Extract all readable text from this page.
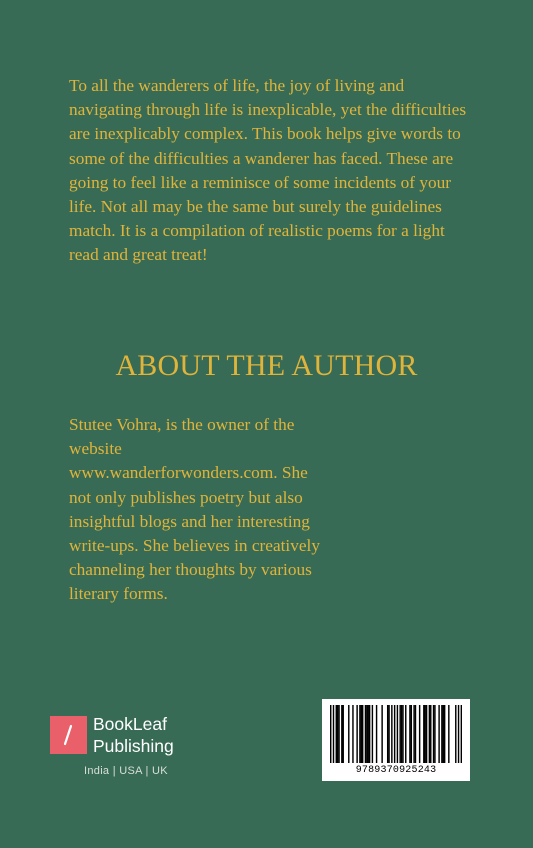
To all the wanderers of life, the joy of living and navigating through life is inexplicable, yet the difficulties are inexplicably complex. This book helps give words to some of the difficulties a wanderer has faced. These are going to feel like a reminisce of some incidents of your life. Not all may be the same but surely the guidelines match. It is a compilation of realistic poems for a light read and great treat!

ABOUT THE AUTHOR

Stutee Vohra, is the owner of the website www.wanderforwonders.com. She not only publishes poetry but also insightful blogs and her interesting write-ups. She believes in creatively channeling her thoughts by various literary forms.

BookLeaf
Publishing
India | USA | UK	9789370925243
